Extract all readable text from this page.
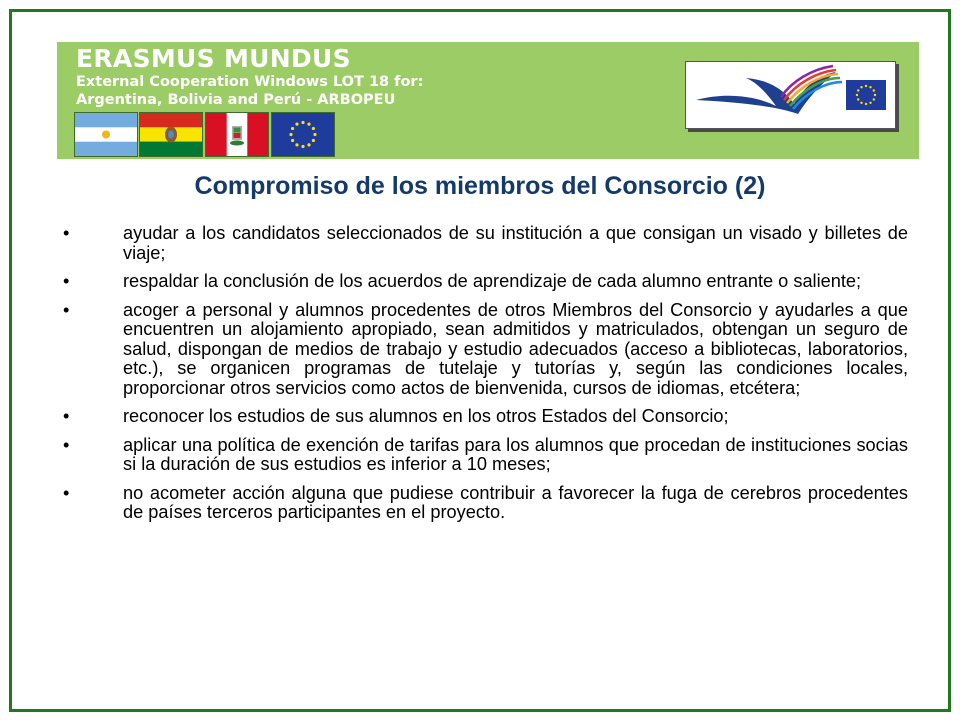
ERASMUS MUNDUS
External Cooperation Windows LOT 18 for:
Argentina, Bolivia and Perú - ARBOPEU
Compromiso de los miembros del Consorcio (2)
•	ayudar a los candidatos seleccionados de su institución a que consigan un visado y billetes de viaje;
•	respaldar la conclusión de los acuerdos de aprendizaje de cada alumno entrante o saliente;
•	acoger a personal y alumnos procedentes de otros Miembros del Consorcio y ayudarles a que encuentren un alojamiento apropiado, sean admitidos y matriculados, obtengan un seguro de salud, dispongan de medios de trabajo y estudio adecuados (acceso a bibliotecas, laboratorios, etc.), se organicen programas de tutelaje y tutorías y, según las condiciones locales, proporcionar otros servicios como actos de bienvenida, cursos de idiomas, etcétera;
•	reconocer los estudios de sus alumnos en los otros Estados del Consorcio;
•	aplicar una política de exención de tarifas para los alumnos que procedan de instituciones socias si la duración de sus estudios es inferior a 10 meses;
•	no acometer acción alguna que pudiese contribuir a favorecer la fuga de cerebros procedentes de países terceros participantes en el proyecto.
